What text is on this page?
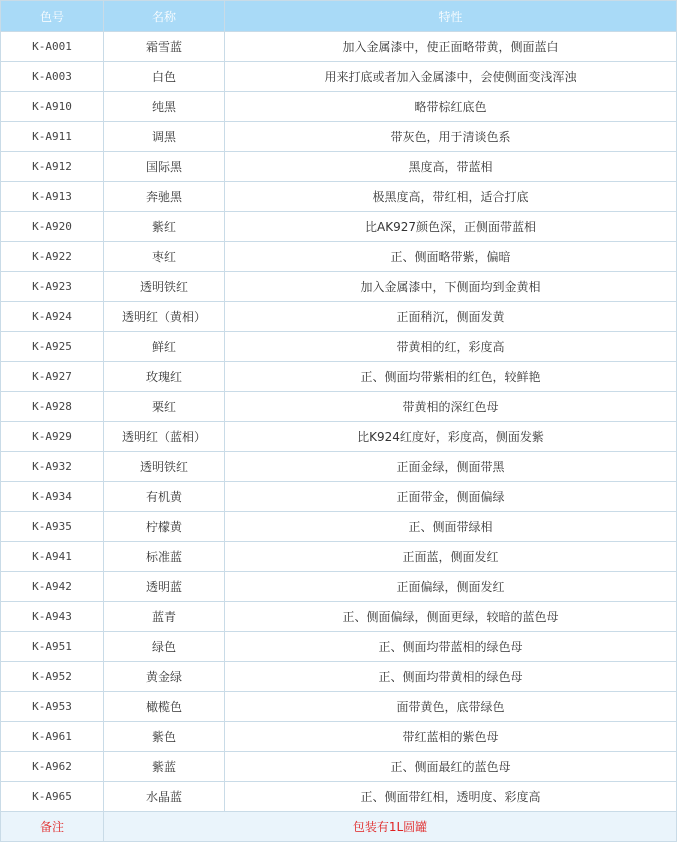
色号	名称	特性
K-A001	霜雪蓝	加入金属漆中，使正面略带黄，侧面蓝白
K-A003	白色	用来打底或者加入金属漆中，会使侧面变浅浑浊
K-A910	纯黑	略带棕红底色
K-A911	调黑	带灰色，用于清谈色系
K-A912	国际黑	黑度高，带蓝相
K-A913	奔驰黑	极黑度高，带红相，适合打底
K-A920	紫红	比AK927颜色深，正侧面带蓝相
K-A922	枣红	正、侧面略带紫，偏暗
K-A923	透明铁红	加入金属漆中，下侧面均到金黄相
K-A924	透明红（黄相）	正面稍沉，侧面发黄
K-A925	鲜红	带黄相的红，彩度高
K-A927	玫瑰红	正、侧面均带紫相的红色，较鲜艳
K-A928	栗红	带黄相的深红色母
K-A929	透明红（蓝相）	比K924红度好，彩度高，侧面发紫
K-A932	透明铁红	正面金绿，侧面带黑
K-A934	有机黄	正面带金，侧面偏绿
K-A935	柠檬黄	正、侧面带绿相
K-A941	标准蓝	正面蓝，侧面发红
K-A942	透明蓝	正面偏绿，侧面发红
K-A943	蓝青	正、侧面偏绿，侧面更绿，较暗的蓝色母
K-A951	绿色	正、侧面均带蓝相的绿色母
K-A952	黄金绿	正、侧面均带黄相的绿色母
K-A953	橄榄色	面带黄色，底带绿色
K-A961	紫色	带红蓝相的紫色母
K-A962	紫蓝	正、侧面最红的蓝色母
K-A965	水晶蓝	正、侧面带红相，透明度、彩度高
备注	包装有1L圆罐	
